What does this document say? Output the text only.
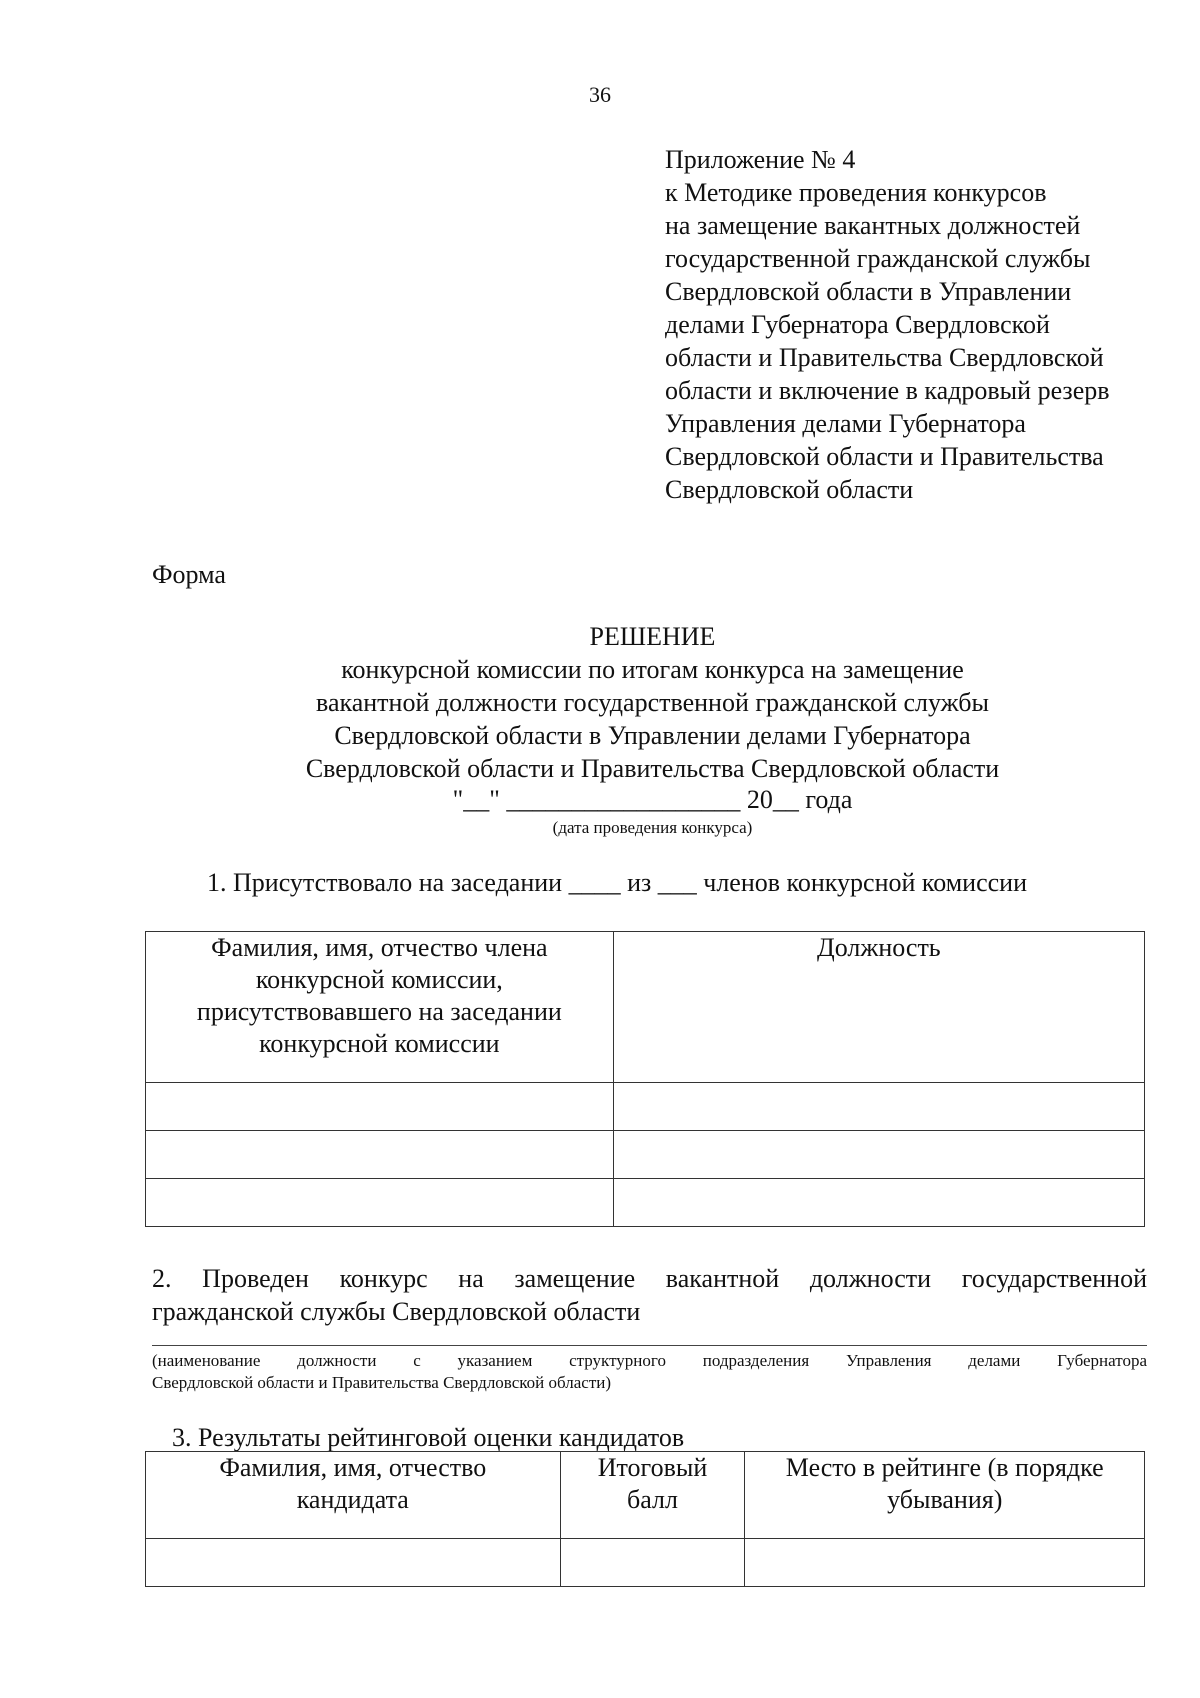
36
Приложение № 4
к Методике проведения конкурсов
на замещение вакантных должностей
государственной гражданской службы
Свердловской области в Управлении
делами Губернатора Свердловской
области и Правительства Свердловской
области и включение в кадровый резерв
Управления делами Губернатора
Свердловской области и Правительства
Свердловской области
Форма
РЕШЕНИЕ
конкурсной комиссии по итогам конкурса на замещение
вакантной должности государственной гражданской службы
Свердловской области в Управлении делами Губернатора
Свердловской области и Правительства Свердловской области
"__" __________________ 20__ года
(дата проведения конкурса)
1. Присутствовало на заседании ____ из ___ членов конкурсной комиссии
Фамилия, имя, отчество члена конкурсной комиссии, присутствовавшего на заседании конкурсной комиссии	Должность

2. Проведен конкурс на замещение вакантной должности государственной
гражданской службы Свердловской области
(наименование должности с указанием структурного подразделения Управления делами Губернатора
Свердловской области и Правительства Свердловской области)
3. Результаты рейтинговой оценки кандидатов
Фамилия, имя, отчество кандидата	Итоговый балл	Место в рейтинге (в порядке убывания)
